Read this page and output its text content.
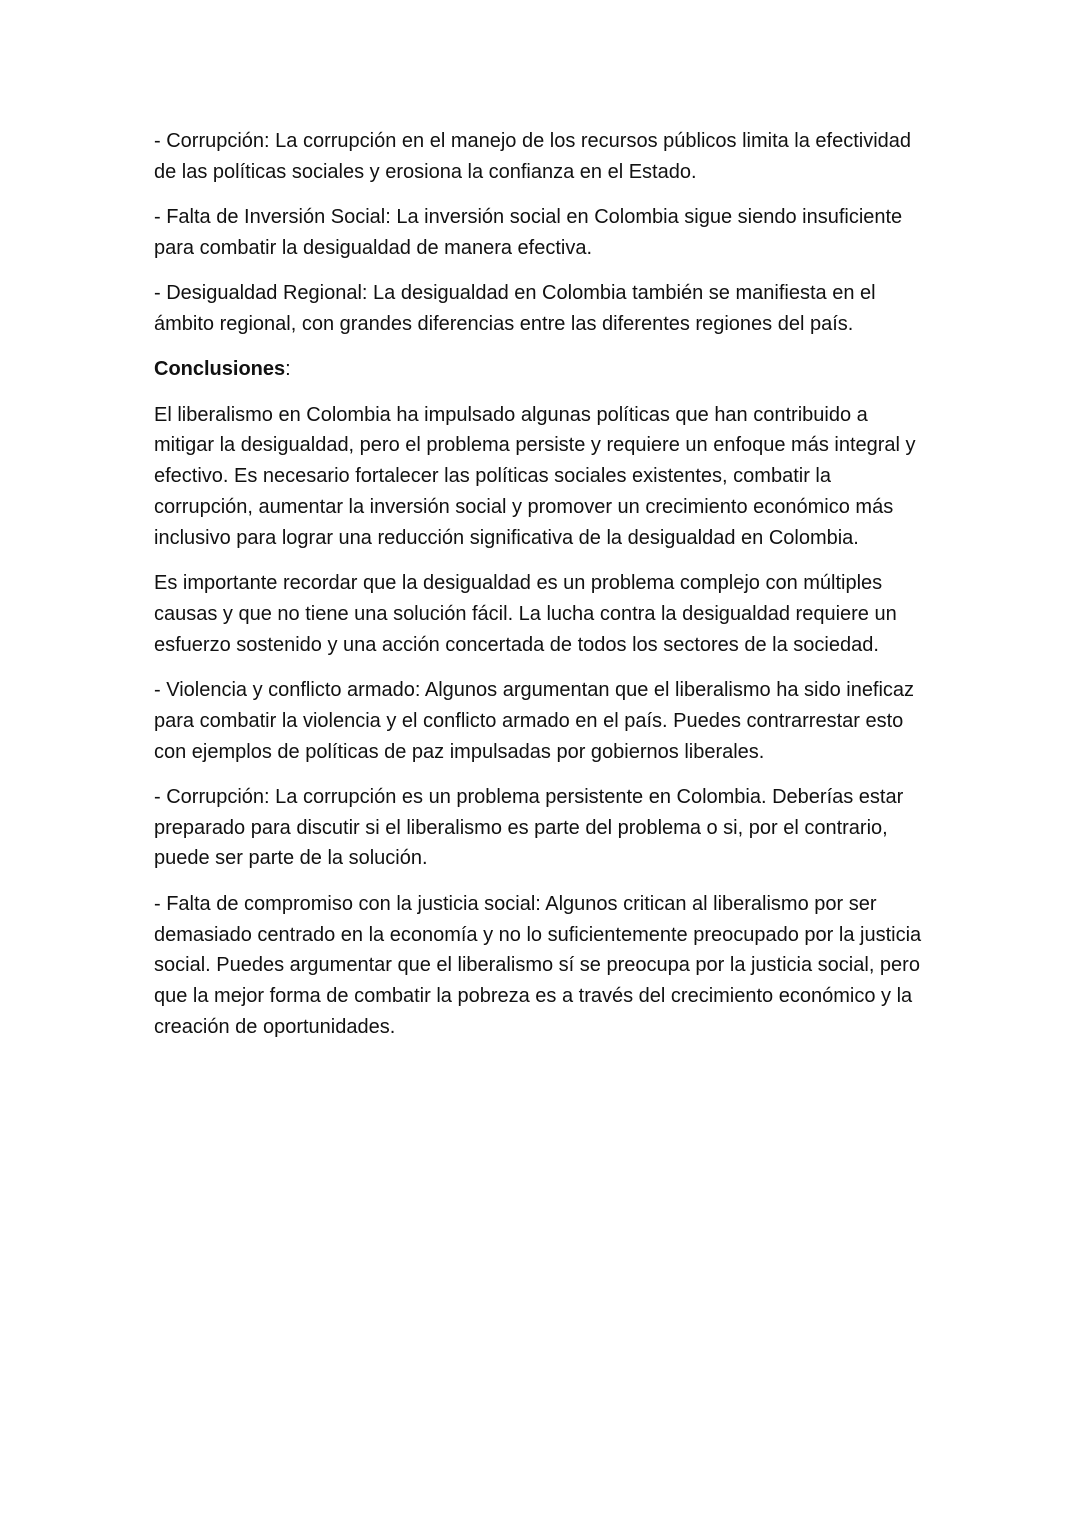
- Corrupción: La corrupción en el manejo de los recursos públicos limita la efectividad de las políticas sociales y erosiona la confianza en el Estado.

- Falta de Inversión Social: La inversión social en Colombia sigue siendo insuficiente para combatir la desigualdad de manera efectiva.

- Desigualdad Regional: La desigualdad en Colombia también se manifiesta en el ámbito regional, con grandes diferencias entre las diferentes regiones del país.

Conclusiones:

El liberalismo en Colombia ha impulsado algunas políticas que han contribuido a mitigar la desigualdad, pero el problema persiste y requiere un enfoque más integral y efectivo. Es necesario fortalecer las políticas sociales existentes, combatir la corrupción, aumentar la inversión social y promover un crecimiento económico más inclusivo para lograr una reducción significativa de la desigualdad en Colombia.

Es importante recordar que la desigualdad es un problema complejo con múltiples causas y que no tiene una solución fácil. La lucha contra la desigualdad requiere un esfuerzo sostenido y una acción concertada de todos los sectores de la sociedad.

- Violencia y conflicto armado: Algunos argumentan que el liberalismo ha sido ineficaz para combatir la violencia y el conflicto armado en el país. Puedes contrarrestar esto con ejemplos de políticas de paz impulsadas por gobiernos liberales.

- Corrupción: La corrupción es un problema persistente en Colombia. Deberías estar preparado para discutir si el liberalismo es parte del problema o si, por el contrario, puede ser parte de la solución.

- Falta de compromiso con la justicia social: Algunos critican al liberalismo por ser demasiado centrado en la economía y no lo suficientemente preocupado por la justicia social. Puedes argumentar que el liberalismo sí se preocupa por la justicia social, pero que la mejor forma de combatir la pobreza es a través del crecimiento económico y la creación de oportunidades.
